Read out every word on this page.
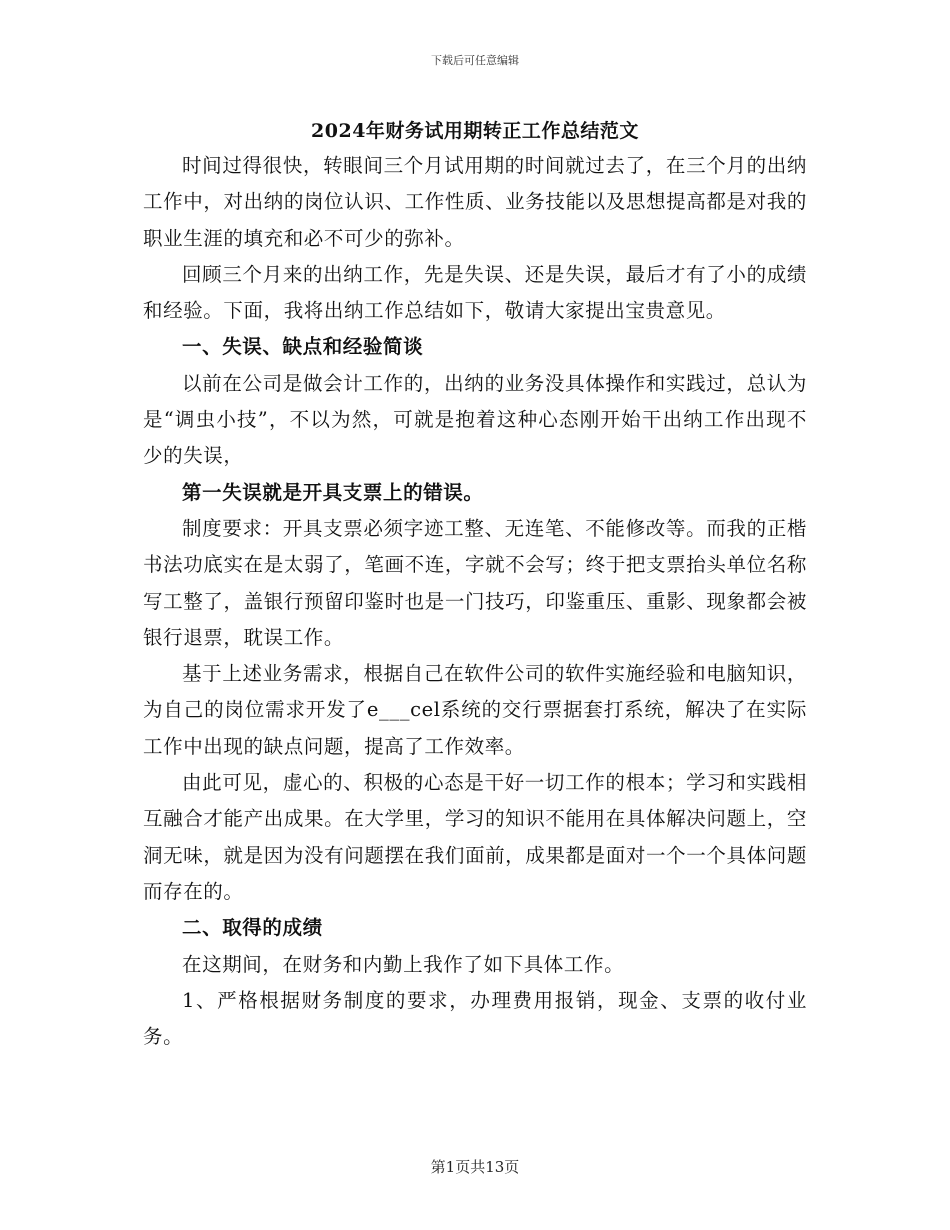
下载后可任意编辑
2024年财务试用期转正工作总结范文

时间过得很快，转眼间三个月试用期的时间就过去了，在三个月的出纳工作中，对出纳的岗位认识、工作性质、业务技能以及思想提高都是对我的职业生涯的填充和必不可少的弥补。

回顾三个月来的出纳工作，先是失误、还是失误，最后才有了小的成绩和经验。下面，我将出纳工作总结如下，敬请大家提出宝贵意见。

一、失误、缺点和经验简谈

以前在公司是做会计工作的，出纳的业务没具体操作和实践过，总认为是“调虫小技”，不以为然，可就是抱着这种心态刚开始干出纳工作出现不少的失误，

第一失误就是开具支票上的错误。

制度要求：开具支票必须字迹工整、无连笔、不能修改等。而我的正楷书法功底实在是太弱了，笔画不连，字就不会写；终于把支票抬头单位名称写工整了，盖银行预留印鉴时也是一门技巧，印鉴重压、重影、现象都会被银行退票，耽误工作。

基于上述业务需求，根据自己在软件公司的软件实施经验和电脑知识，为自己的岗位需求开发了e___cel系统的交行票据套打系统，解决了在实际工作中出现的缺点问题，提高了工作效率。

由此可见，虚心的、积极的心态是干好一切工作的根本；学习和实践相互融合才能产出成果。在大学里，学习的知识不能用在具体解决问题上，空洞无味，就是因为没有问题摆在我们面前，成果都是面对一个一个具体问题而存在的。

二、取得的成绩

在这期间，在财务和内勤上我作了如下具体工作。

1、严格根据财务制度的要求，办理费用报销，现金、支票的收付业务。

第1页共13页
